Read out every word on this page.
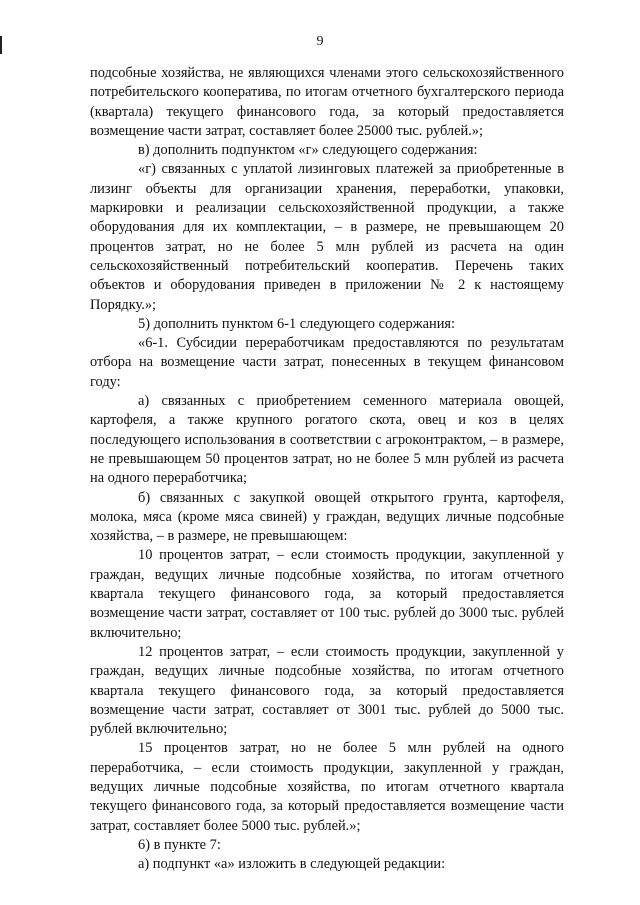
9

подсобные хозяйства, не являющихся членами этого сельскохозяйственного потребительского кооператива, по итогам отчетного бухгалтерского периода (квартала) текущего финансового года, за который предоставляется возмещение части затрат, составляет более 25000 тыс. рублей.»;

в) дополнить подпунктом «г» следующего содержания:

«г) связанных с уплатой лизинговых платежей за приобретенные в лизинг объекты для организации хранения, переработки, упаковки, маркировки и реализации сельскохозяйственной продукции, а также оборудования для их комплектации, – в размере, не превышающем 20 процентов затрат, но не более 5 млн рублей из расчета на один сельскохозяйственный потребительский кооператив. Перечень таких объектов и оборудования приведен в приложении № 2 к настоящему Порядку.»;

5) дополнить пунктом 6-1 следующего содержания:

«6-1. Субсидии переработчикам предоставляются по результатам отбора на возмещение части затрат, понесенных в текущем финансовом году:

а) связанных с приобретением семенного материала овощей, картофеля, а также крупного рогатого скота, овец и коз в целях последующего использования в соответствии с агроконтрактом, – в размере, не превышающем 50 процентов затрат, но не более 5 млн рублей из расчета на одного переработчика;

б) связанных с закупкой овощей открытого грунта, картофеля, молока, мяса (кроме мяса свиней) у граждан, ведущих личные подсобные хозяйства, – в размере, не превышающем:

10 процентов затрат, – если стоимость продукции, закупленной у граждан, ведущих личные подсобные хозяйства, по итогам отчетного квартала текущего финансового года, за который предоставляется возмещение части затрат, составляет от 100 тыс. рублей до 3000 тыс. рублей включительно;

12 процентов затрат, – если стоимость продукции, закупленной у граждан, ведущих личные подсобные хозяйства, по итогам отчетного квартала текущего финансового года, за который предоставляется возмещение части затрат, составляет от 3001 тыс. рублей до 5000 тыс. рублей включительно;

15 процентов затрат, но не более 5 млн рублей на одного переработчика, – если стоимость продукции, закупленной у граждан, ведущих личные подсобные хозяйства, по итогам отчетного квартала текущего финансового года, за который предоставляется возмещение части затрат, составляет более 5000 тыс. рублей.»;

6) в пункте 7:

а) подпункт «а» изложить в следующей редакции:
